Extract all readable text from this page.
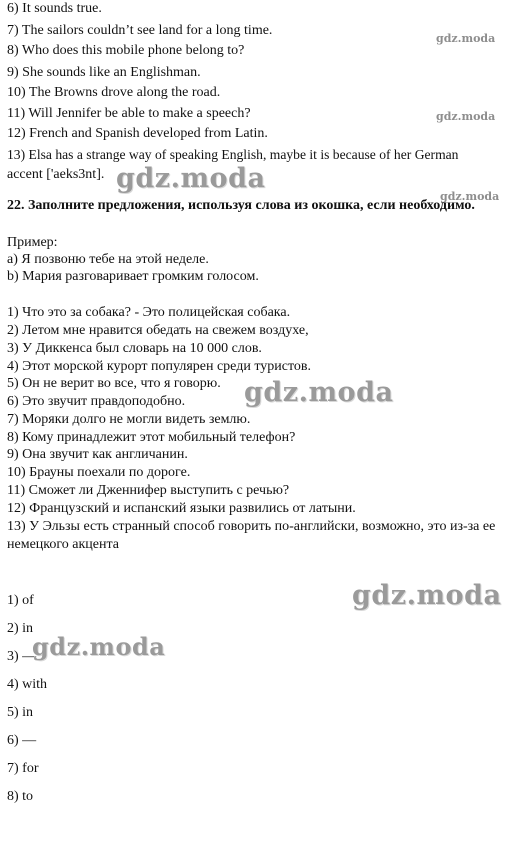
6) It sounds true.
7) The sailors couldn’t see land for a long time.
8) Who does this mobile phone belong to?
9) She sounds like an Englishman.
10) The Browns drove along the road.
11) Will Jennifer be able to make a speech?
12) French and Spanish developed from Latin.
13) Elsa has a strange way of speaking English, maybe it is because of her German
accent ['aeks3nt].
22. Заполните предложения, используя слова из окошка, если необходимо.
Пример:
a) Я позвоню тебе на этой неделе.
b) Мария разговаривает громким голосом.
1) Что это за собака? - Это полицейская собака.
2) Летом мне нравится обедать на свежем воздухе,
3) У Диккенса был словарь на 10 000 слов.
4) Этот морской курорт популярен среди туристов.
5) Он не верит во все, что я говорю.
6) Это звучит правдоподобно.
7) Моряки долго не могли видеть землю.
8) Кому принадлежит этот мобильный телефон?
9) Она звучит как англичанин.
10) Брауны поехали по дороге.
11) Сможет ли Дженнифер выступить с речью?
12) Французский и испанский языки развились от латыни.
13) У Эльзы есть странный способ говорить по-английски, возможно, это из-за ее немецкого акцента
1) of
2) in
3) —
4) with
5) in
6) —
7) for
8) to
gdz.moda
gdz.moda
gdz.moda
gdz.moda
gdz.moda
gdz.moda
gdz.moda
